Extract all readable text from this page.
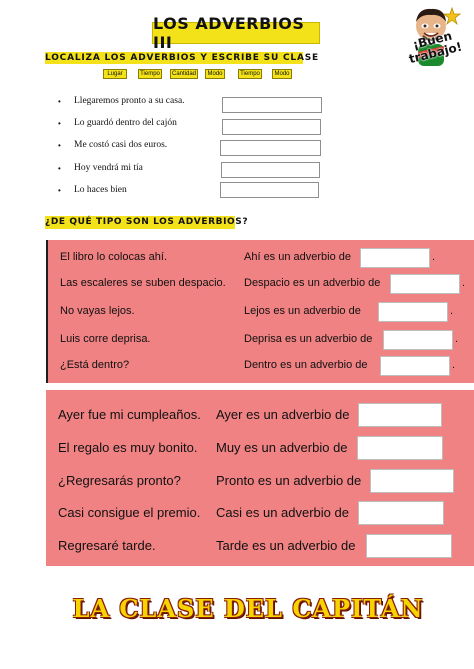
LOS ADVERBIOS III	¡Buen trabajo!
LOCALIZA LOS ADVERBIOS Y ESCRIBE SU CLASE
Lugar	Tiempo	Cantidad	Modo	Tiempo	Modo
• Llegaremos pronto a su casa.
• Lo guardó dentro del cajón
• Me costó casi dos euros.
• Hoy vendrá mi tía
• Lo haces bien
¿DE QUÉ TIPO SON LOS ADVERBIOS?
El libro lo colocas ahí.	Ahí es un adverbio de	.
Las escaleres se suben despacio. Despacio es un adverbio de	.
No vayas lejos.	Lejos es un adverbio de	.
Luis corre deprisa.	Deprisa es un adverbio de	.
¿Está dentro?	Dentro es un adverbio de	.
Ayer fue mi cumpleaños. Ayer es un adverbio de
El regalo es muy bonito. Muy es un adverbio de
¿Regresarás pronto?	Pronto es un adverbio de
Casi consigue el premio. Casi es un adverbio de
Regresaré tarde.	Tarde es un adverbio de
LA CLASE DEL CAPITÁN
